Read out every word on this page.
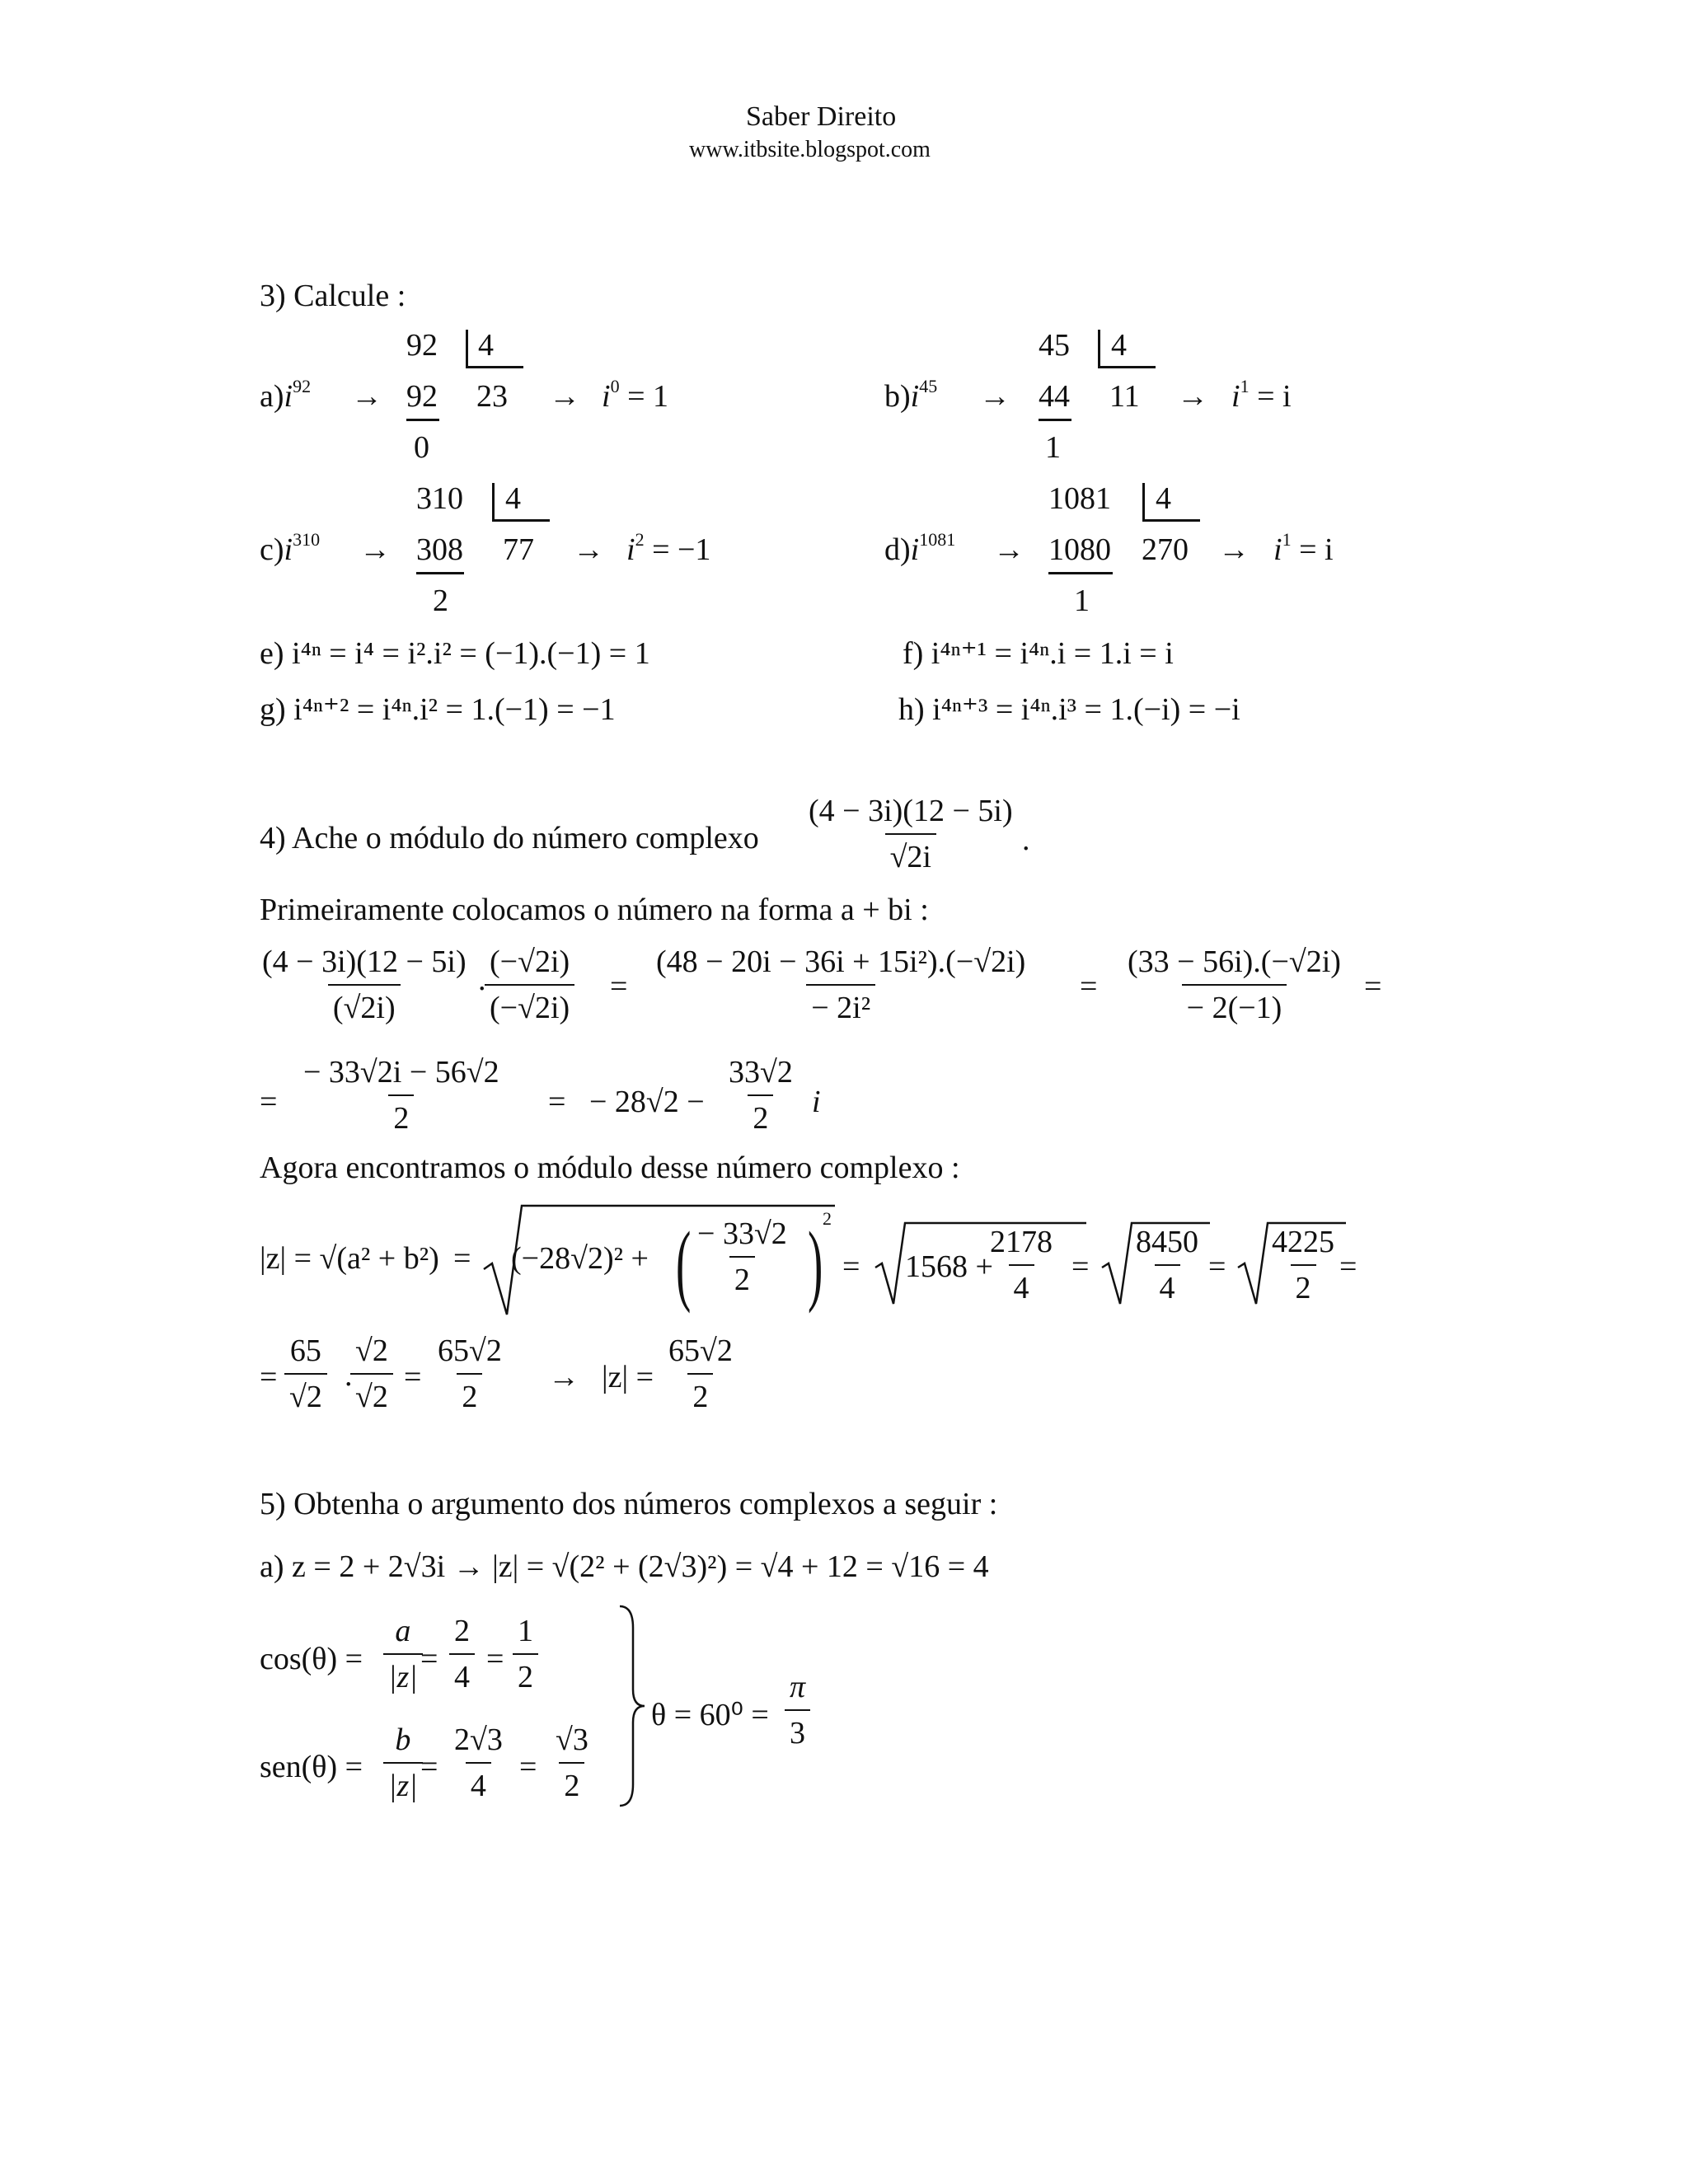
Saber Direito
www.itbsite.blogspot.com
3) Calcule :
$a)i^{92}$ →
92 4
92 23
0
→ $i^0 = 1$	$b)i^{45}$ →
45 4
44 11
1
→ $i^1 = i$
$c)i^{310}$ →
310 4
308 77
2
→ $i^2 = -1$	$d)i^{1081}$ →
1081 4
1080 270
1
→ $i^1 = i$
e) i⁴ⁿ = i⁴ = i².i² = (−1).(−1) = 1	f) i⁴ⁿ⁺¹ = i⁴ⁿ.i = 1.i = i
g) i⁴ⁿ⁺² = i⁴ⁿ.i² = 1.(−1) = −1	h) i⁴ⁿ⁺³ = i⁴ⁿ.i³ = 1.(−i) = −i
4) Ache o módulo do número complexo $\frac{(4 - 3i)(12 - 5i)}{√2i}$ .
Primeiramente colocamos o número na forma a + bi :
$\frac{(4 - 3i)(12 - 5i)}{(√2i)}$ .
$\frac{(-√2i)}{(-√2i)} = \frac{\text{(48 − 20i − 36i + 15i²).(−√2i)}}{\text{− 2i²}} = \frac{(33 - 56i).(-√2i)}{- 2(-1)}$ =
= $\frac{- 33√2i - 56√2}{2}$ = − $28√2 - \frac{33√2}{2}$ i
Agora encontramos o módulo desse número complexo :
|z| = √(a² + b²) = (−28√2)² + ( $\frac{- 33√2}{2}$ ) 2
= 1568 +
$\frac{2178}{4} = \frac{8450}{4} = \frac{4225}{2}$ =
= $\frac{65}{√2}$ .
$\frac{√2}{√2} = \frac{65√2}{2} \to |z| = \frac{65√2}{2}$
5) Obtenha o argumento dos números complexos a seguir :
a) z = 2 + 2√3i → |z| = √(2² + (2√3)²) = √4 + 12 = √16 = 4
$\cos(\theta) = \frac{a}{|z|}$
= $\frac{2}{4} = \frac{1}{2}$
$sen(\theta) = \frac{b}{|z|}$
= $\frac{2√3}{4} = \frac{√3}{2}$
$\theta = 60^0 = \frac{\pi}{3}$
